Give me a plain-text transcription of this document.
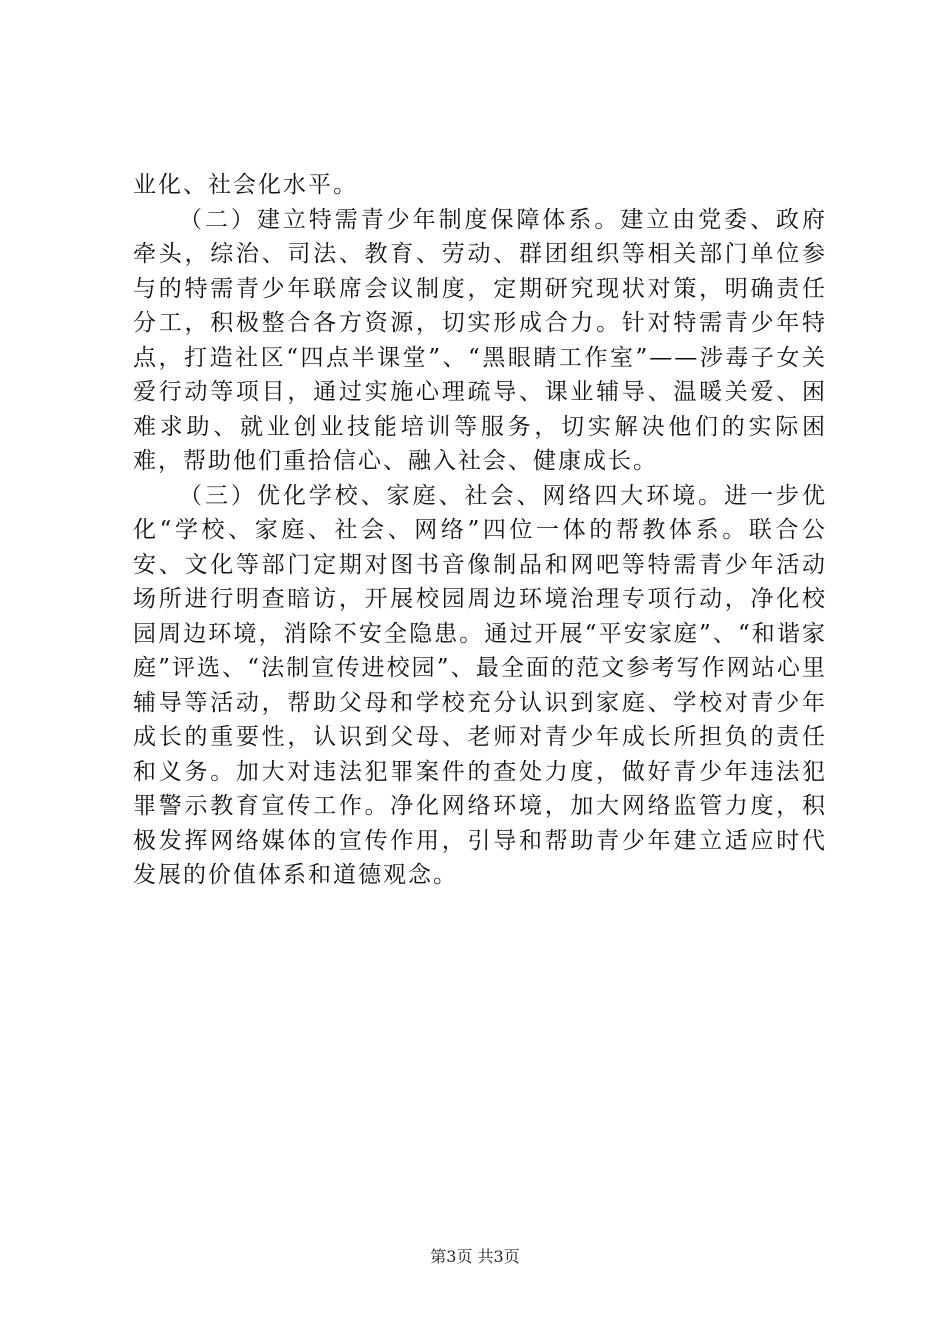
业化、社会化水平。

（二）建立特需青少年制度保障体系。建立由党委、政府牵头，综治、司法、教育、劳动、群团组织等相关部门单位参与的特需青少年联席会议制度，定期研究现状对策，明确责任分工，积极整合各方资源，切实形成合力。针对特需青少年特点，打造社区“四点半课堂”、“黑眼睛工作室”——涉毒子女关爱行动等项目，通过实施心理疏导、课业辅导、温暖关爱、困难求助、就业创业技能培训等服务，切实解决他们的实际困难，帮助他们重拾信心、融入社会、健康成长。

（三）优化学校、家庭、社会、网络四大环境。进一步优化“学校、家庭、社会、网络”四位一体的帮教体系。联合公安、文化等部门定期对图书音像制品和网吧等特需青少年活动场所进行明查暗访，开展校园周边环境治理专项行动，净化校园周边环境，消除不安全隐患。通过开展“平安家庭”、“和谐家庭”评选、“法制宣传进校园”、最全面的范文参考写作网站心里辅导等活动，帮助父母和学校充分认识到家庭、学校对青少年成长的重要性，认识到父母、老师对青少年成长所担负的责任和义务。加大对违法犯罪案件的查处力度，做好青少年违法犯罪警示教育宣传工作。净化网络环境，加大网络监管力度，积极发挥网络媒体的宣传作用，引导和帮助青少年建立适应时代发展的价值体系和道德观念。

第3页 共3页
